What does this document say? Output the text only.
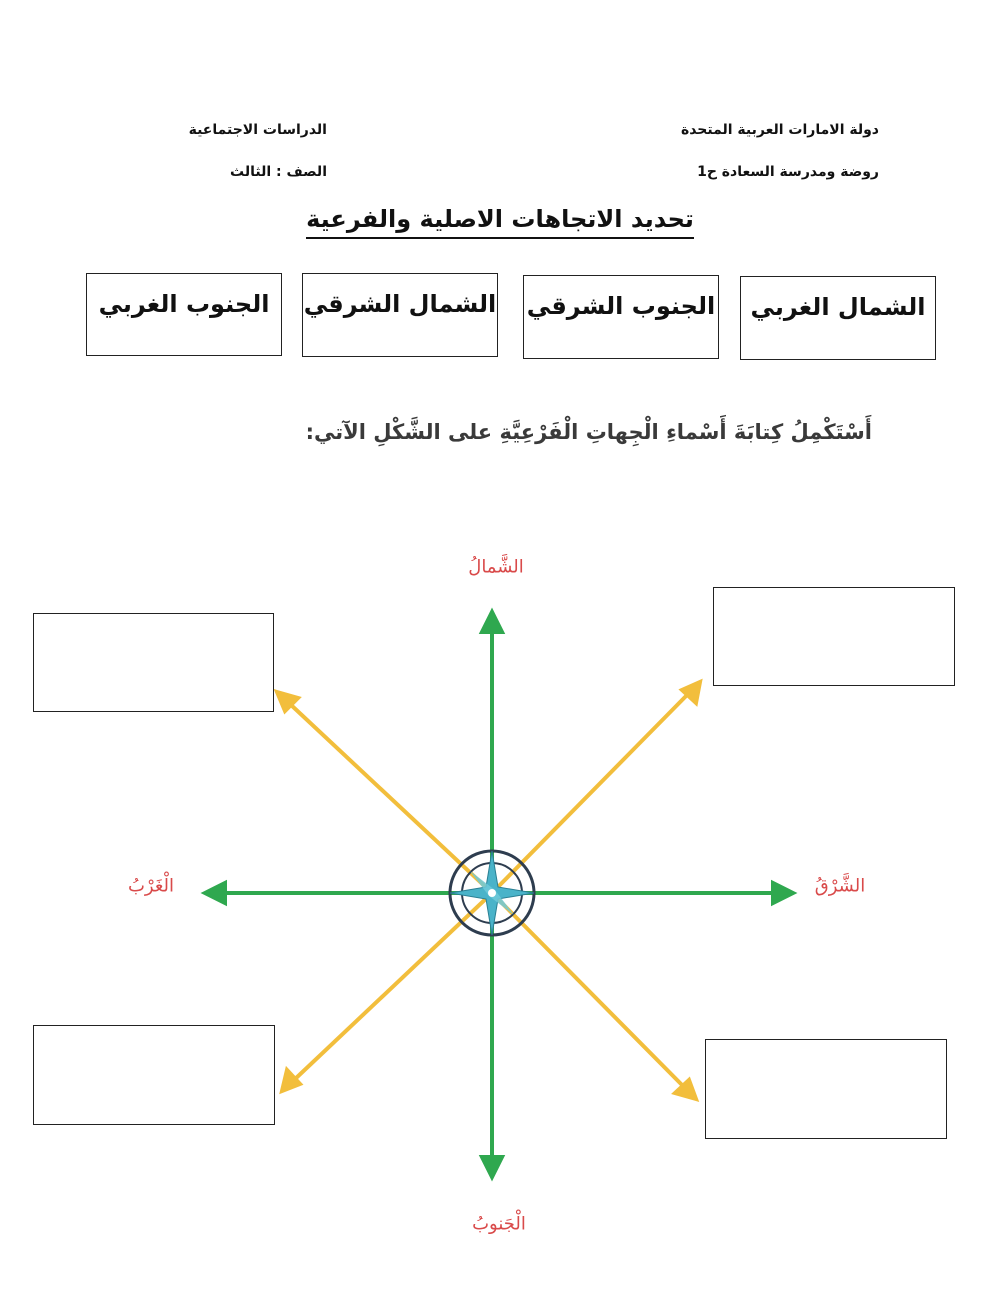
دولة الامارات العربية المتحدة
روضة ومدرسة السعادة ح1
الدراسات الاجتماعية
الصف : الثالث
تحديد الاتجاهات الاصلية والفرعية
الشمال الغربي
الجنوب الشرقي
الشمال الشرقي
الجنوب الغربي
أَسْتَكْمِلُ كِتابَةَ أَسْماءِ الْجِهاتِ الْفَرْعِيَّةِ على الشَّكْلِ الآتي:
الشَّمالُ
الْجَنوبُ
الشَّرْقُ
الْغَرْبُ
